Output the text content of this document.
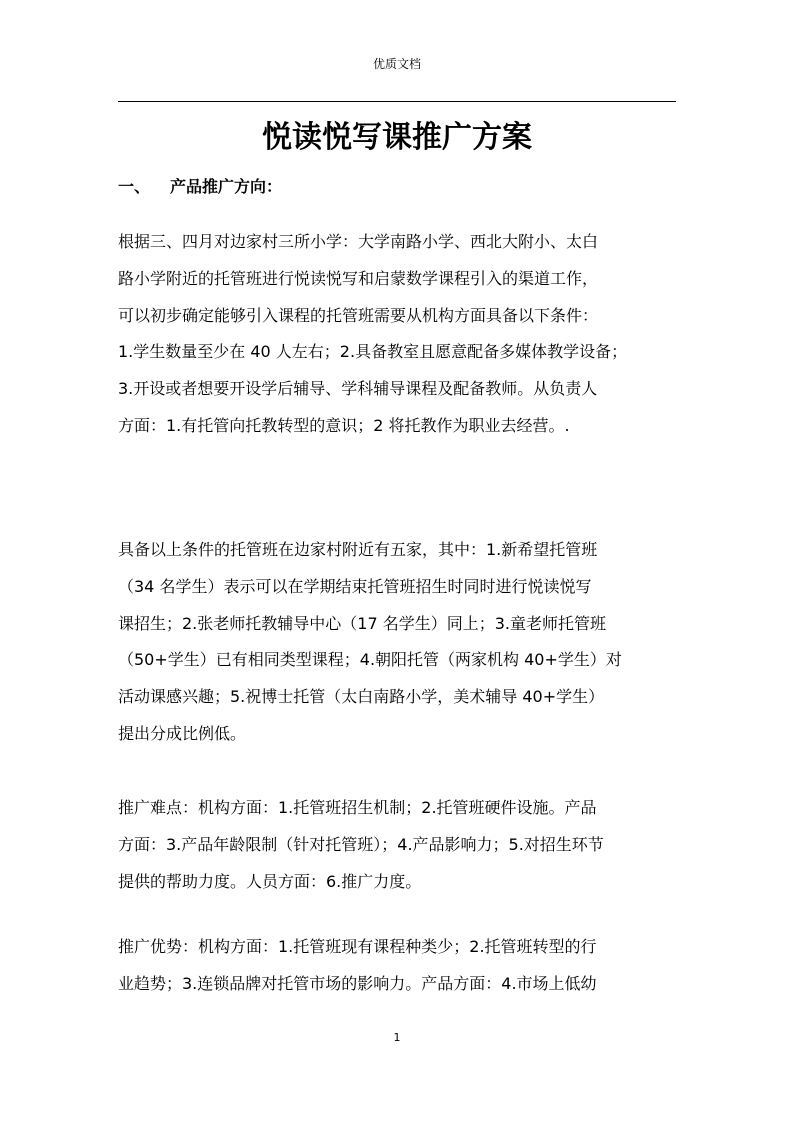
优质文档
悦读悦写课推广方案
一、 产品推广方向：

根据三、四月对边家村三所小学：大学南路小学、西北大附小、太白
路小学附近的托管班进行悦读悦写和启蒙数学课程引入的渠道工作，
可以初步确定能够引入课程的托管班需要从机构方面具备以下条件：
1.学生数量至少在 40 人左右；2.具备教室且愿意配备多媒体教学设备；
3.开设或者想要开设学后辅导、学科辅导课程及配备教师。从负责人
方面：1.有托管向托教转型的意识；2 将托教作为职业去经营。.

具备以上条件的托管班在边家村附近有五家，其中：1.新希望托管班
（34 名学生）表示可以在学期结束托管班招生时同时进行悦读悦写
课招生；2.张老师托教辅导中心（17 名学生）同上；3.童老师托管班
（50+学生）已有相同类型课程；4.朝阳托管（两家机构 40+学生）对
活动课感兴趣；5.祝博士托管（太白南路小学，美术辅导 40+学生）
提出分成比例低。

推广难点：机构方面：1.托管班招生机制；2.托管班硬件设施。产品
方面：3.产品年龄限制（针对托管班）；4.产品影响力；5.对招生环节
提供的帮助力度。人员方面：6.推广力度。

推广优势：机构方面：1.托管班现有课程种类少；2.托管班转型的行
业趋势；3.连锁品牌对托管市场的影响力。产品方面：4.市场上低幼

1
